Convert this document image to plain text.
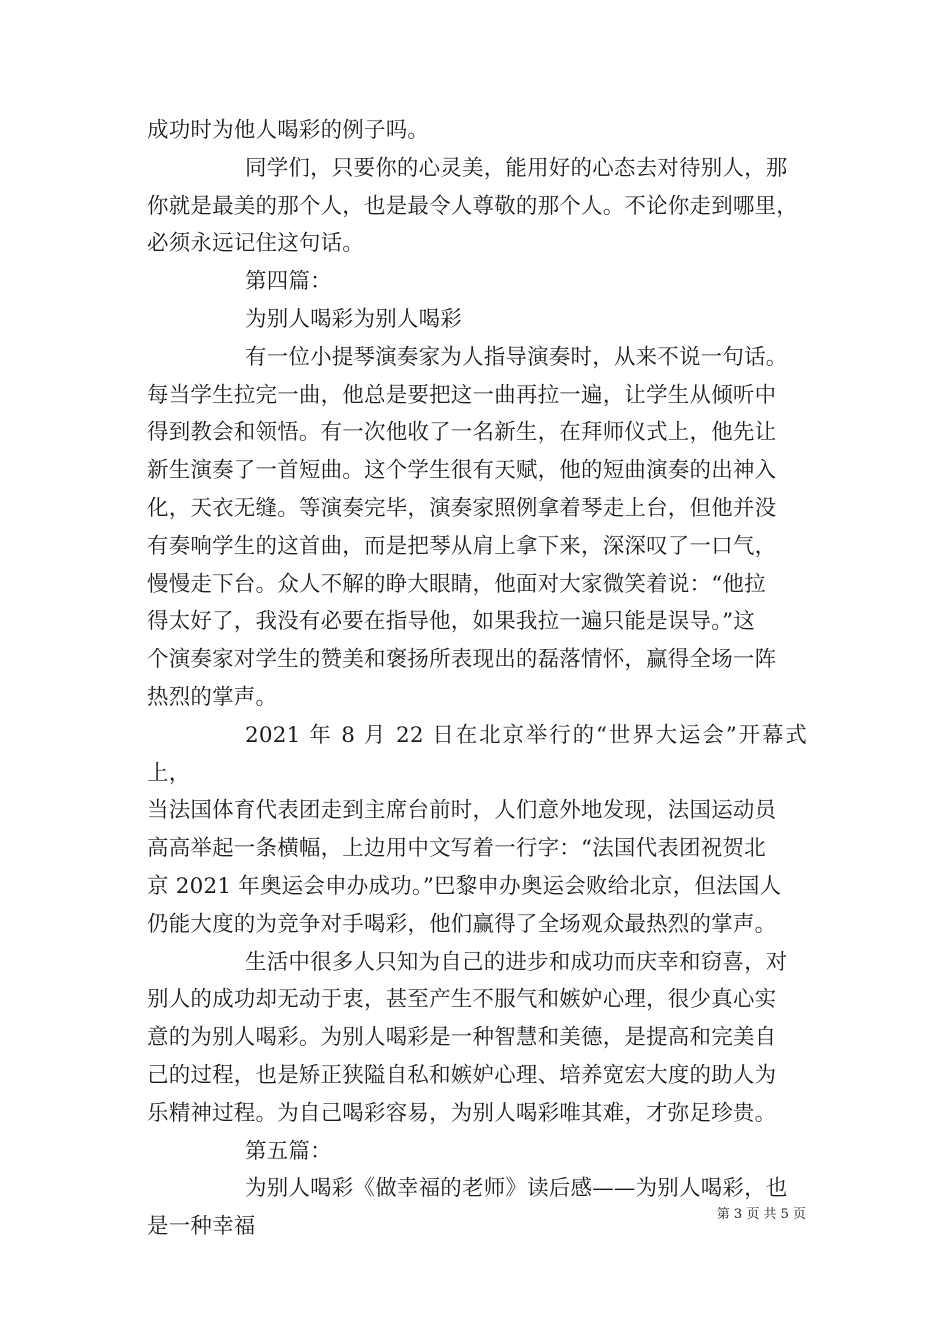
成功时为他人喝彩的例子吗。

同学们，只要你的心灵美，能用好的心态去对待别人，那
你就是最美的那个人，也是最令人尊敬的那个人。不论你走到哪里，
必须永远记住这句话。

第四篇：

为别人喝彩为别人喝彩

有一位小提琴演奏家为人指导演奏时，从来不说一句话。
每当学生拉完一曲，他总是要把这一曲再拉一遍，让学生从倾听中
得到教会和领悟。有一次他收了一名新生，在拜师仪式上，他先让
新生演奏了一首短曲。这个学生很有天赋，他的短曲演奏的出神入
化，天衣无缝。等演奏完毕，演奏家照例拿着琴走上台，但他并没
有奏响学生的这首曲，而是把琴从肩上拿下来，深深叹了一口气，
慢慢走下台。众人不解的睁大眼睛，他面对大家微笑着说：“他拉
得太好了，我没有必要在指导他，如果我拉一遍只能是误导。”这
个演奏家对学生的赞美和褒扬所表现出的磊落情怀，赢得全场一阵
热烈的掌声。

2021 年 8 月 22 日在北京举行的“世界大运会”开幕式上，
当法国体育代表团走到主席台前时，人们意外地发现，法国运动员
高高举起一条横幅，上边用中文写着一行字：“法国代表团祝贺北
京 2021 年奥运会申办成功。”巴黎申办奥运会败给北京，但法国人
仍能大度的为竞争对手喝彩，他们赢得了全场观众最热烈的掌声。

生活中很多人只知为自己的进步和成功而庆幸和窃喜，对
别人的成功却无动于衷，甚至产生不服气和嫉妒心理，很少真心实
意的为别人喝彩。为别人喝彩是一种智慧和美德，是提高和完美自
己的过程，也是矫正狭隘自私和嫉妒心理、培养宽宏大度的助人为
乐精神过程。为自己喝彩容易，为别人喝彩唯其难，才弥足珍贵。

第五篇：

为别人喝彩《做幸福的老师》读后感——为别人喝彩，也
是一种幸福	第 3 页 共 5 页
